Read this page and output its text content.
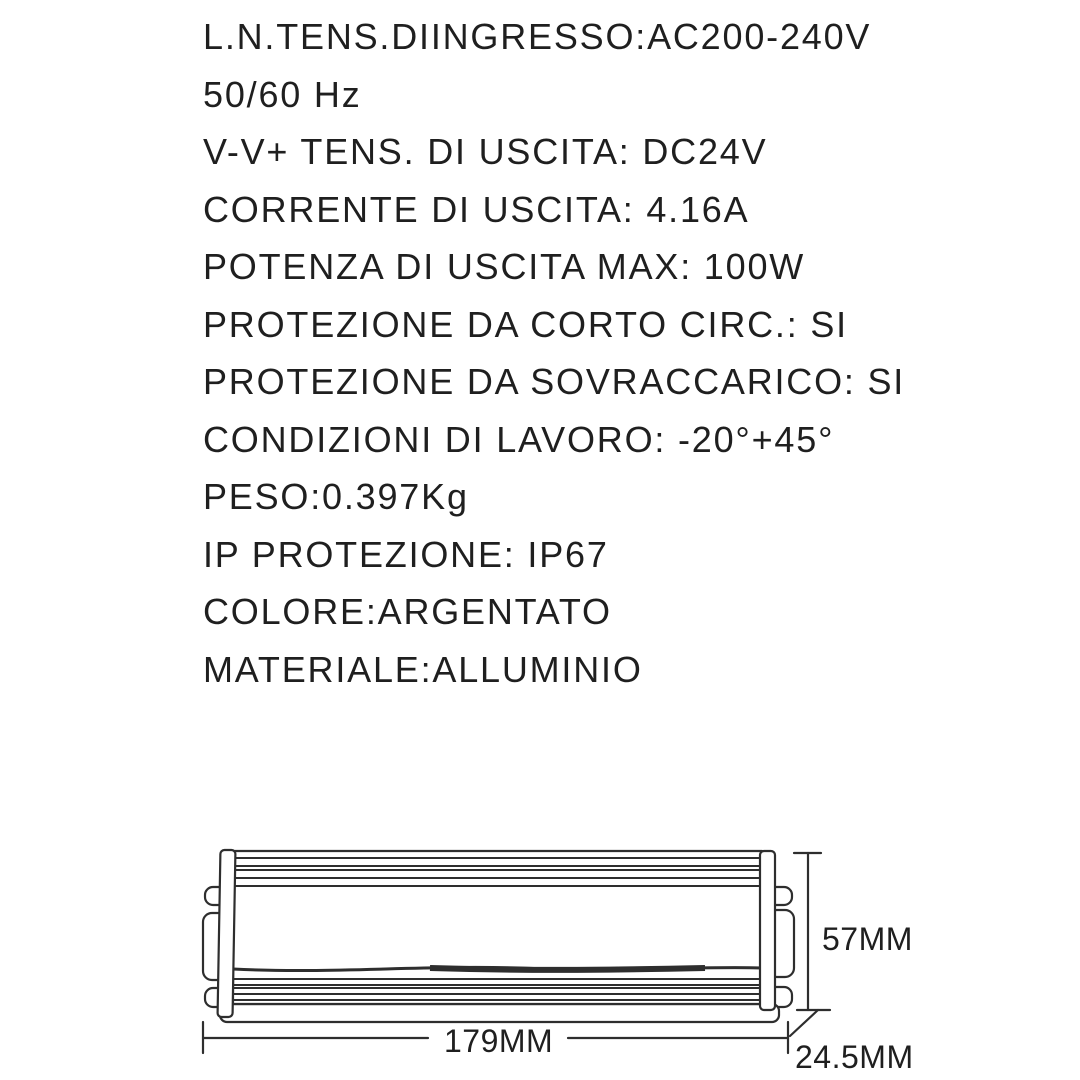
L.N.TENS.DIINGRESSO:AC200-240V
50/60 Hz
V-V+ TENS. DI USCITA: DC24V
CORRENTE DI USCITA: 4.16A
POTENZA DI USCITA MAX: 100W
PROTEZIONE DA CORTO CIRC.: SI
PROTEZIONE DA SOVRACCARICO: SI
CONDIZIONI DI LAVORO: -20°+45°
PESO:0.397Kg
IP PROTEZIONE: IP67
COLORE:ARGENTATO
MATERIALE:ALLUMINIO
57MM
179MM	24.5MM
